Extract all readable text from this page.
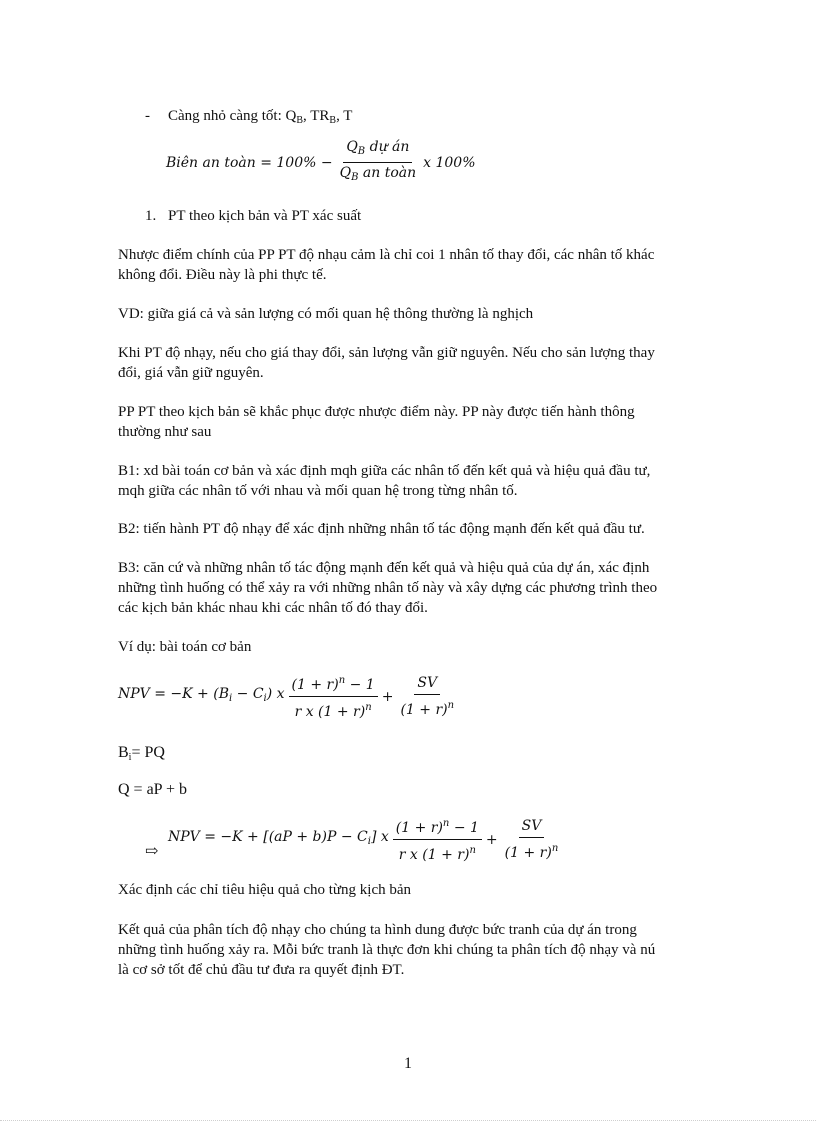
- Càng nhỏ càng tốt: $Q_B$, $TR_B$, T
Biên an toàn = $100\% - \frac{Q_B dự án}{Q_B an toàn}$ x 100%
1. PT theo kịch bản và PT xác suất
Nhược điểm chính của PP PT độ nhạu cảm là chỉ coi 1 nhân tố thay đổi, các nhân tố khác
không đổi. Điều này là phi thực tế.
VD: giữa giá cả và sản lượng có mối quan hệ thông thường là nghịch
Khi PT độ nhạy, nếu cho giá thay đổi, sản lượng vẫn giữ nguyên. Nếu cho sản lượng thay
đổi, giá vẫn giữ nguyên.
PP PT theo kịch bản sẽ khắc phục được nhược điểm này. PP này được tiến hành thông
thường như sau
B1: xd bài toán cơ bản và xác định mqh giữa các nhân tố đến kết quả và hiệu quả đầu tư,
mqh giữa các nhân tố với nhau và mối quan hệ trong từng nhân tố.
B2: tiến hành PT độ nhạy để xác định những nhân tố tác động mạnh đến kết quả đầu tư.
B3: căn cứ và những nhân tố tác động mạnh đến kết quả và hiệu quả của dự án, xác định
những tình huống có thể xảy ra với những nhân tố này và xây dựng các phương trình theo
các kịch bản khác nhau khi các nhân tố đó thay đổi.
Ví dụ: bài toán cơ bản
NPV = $-K + (B_i - C_i)$ x $\frac{(1 + r)^n - 1}{r x (1 + r)^n} + \frac{SV}{(1 + r)^n}$
Bi= PQ
Q = aP + b
⇨
NPV = $-K + [(aP + b)P - C_i]$ x $\frac{(1 + r)^n - 1}{r x (1 + r)^n} + \frac{SV}{(1 + r)^n}$
Xác định các chỉ tiêu hiệu quả cho từng kịch bản
Kết quả của phân tích độ nhạy cho chúng ta hình dung được bức tranh của dự án trong
những tình huống xảy ra. Mỗi bức tranh là thực đơn khi chúng ta phân tích độ nhạy và nú
là cơ sở tốt để chủ đầu tư đưa ra quyết định ĐT.
1
